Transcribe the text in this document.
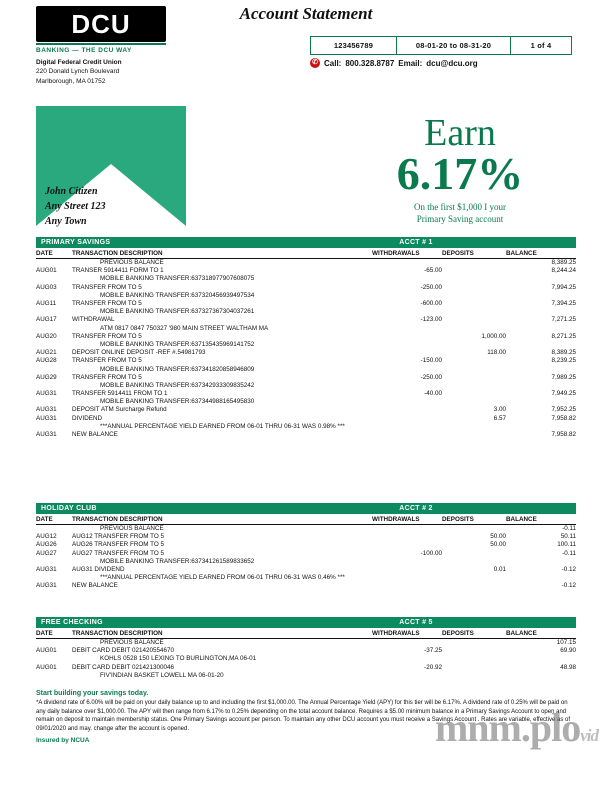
DCU
BANKING — THE DCU WAY
Digital Federal Credit Union
220 Donald Lynch Boulevard
Marlborough, MA 01752
Account Statement
123456789	08-01-20 to 08-31-20	1 of 4
✆ Call: 800.328.8787 Email: dcu@dcu.org
John Citizen
Any Street 123
Any Town
Earn
6.17%
On the first $1,000 I your
Primary Saving account
PRIMARY SAVINGS	ACCT # 1
DATE	TRANSACTION DESCRIPTION	WITHDRAWALS	DEPOSITS	BALANCE
	PREVIOUS BALANCE			8,389.25
AUG01	TRANSER 5914411 FORM TO 1	-65.00		8,244.24
	MOBILE BANKING TRANSFER:637318977907608075			
AUG03	TRANSFER FROM TO 5	-250.00		7,994.25
	MOBILE BANKING TRANSFER:637320456939497534			
AUG11	TRANSFER FROM TO 5	-600.00		7,394.25
	MOBILE BANKING TRANSFER:637327367304037261			
AUG17	WITHDRAWAL	-123.00		7,271.25
	ATM 0817 0847 750327 '980 MAIN STREET WALTHAM MA			
AUG20	TRANSFER FROM TO 5		1,000.00	8,271.25
	MOBILE BANKING TRANSFER:637135435969141752			
AUG21	DEPOSIT ONLINE DEPOSIT -REF #.54981793		118.00	8,389.25
AUG28	TRANSFER FROM TO 5	-150.00		8,239.25
	MOBILE BANKING TRANSFER:637341820858946809			
AUG29	TRANSFER FROM TO 5	-250.00		7,989.25
	MOBILE BANKING TRANSFER:637342933309835242			
AUG31	TRANSFER 5914411 FROM TO 1	-40.00		7,949.25
	MOBILE BANKING TRANSFER:637344988165495830			
AUG31	DEPOSIT ATM Surcharge Refund		3.00	7,952.25
AUG31	DIVIDEND		6.57	7,958.82
	***ANNUAL PERCENTAGE YIELD EARNED FROM 06-01 THRU 06-31 WAS 0.98% ***			
AUG31	NEW BALANCE			7,958.82
HOLIDAY CLUB	ACCT # 2
DATE	TRANSACTION DESCRIPTION	WITHDRAWALS	DEPOSITS	BALANCE
	PREVIOUS BALANCE			-0.11
AUG12	AUG12 TRANSFER FROM TO 5		50.00	50.11
AUG26	AUG26 TRANSFER FROM TO 5		50.00	100.11
AUG27	AUG27 TRANSFER FROM TO 5	-100.00		-0.11
	MOBILE BANKING TRANSFER:637341261589833652			
AUG31	AUG31 DIVIDEND		0.01	-0.12
	***ANNUAL PERCENTAGE YIELD EARNED FROM 06-01 THRU 06-31 WAS 0.46% ***			
AUG31	NEW BALANCE			-0.12
FREE CHECKING	ACCT # 5
DATE	TRANSACTION DESCRIPTION	WITHDRAWALS	DEPOSITS	BALANCE
	PREVIOUS BALANCE			107.15
AUG01	DEBIT CARD DEBIT 021420554670	-37.25		69.90
	KOHLS 0528 150 LEXING TO BURLINGTON,MA 06-01			
AUG01	DEBIT CARD DEBIT 021421300046	-20.92		48.98
	FIV'INDIAN BASKET LOWELL MA 06-01-20			
Start building your savings today.
*A dividend rate of 6.00% will be paid on your daily balance up to and including the first $1,000.00. The Annual Percentage Yield (APY) for this tier will be 6.17%. A dividend rate of 0.25% will be paid on any daily balance over $1,000.00. The APY will then range from 6.17% to 0.25% depending on the total account balance. Requires a $5.00 minimum balance in a Primary Savings Account to open and remain on deposit to maintain membership status. One Primary Savings account per person. To maintain any other DCU account you must receive a Savings Account . Rates are variable, effective as of 09/01/2020 and may. change after the account is opened.
Insured by NCUA	mnm.plovid
